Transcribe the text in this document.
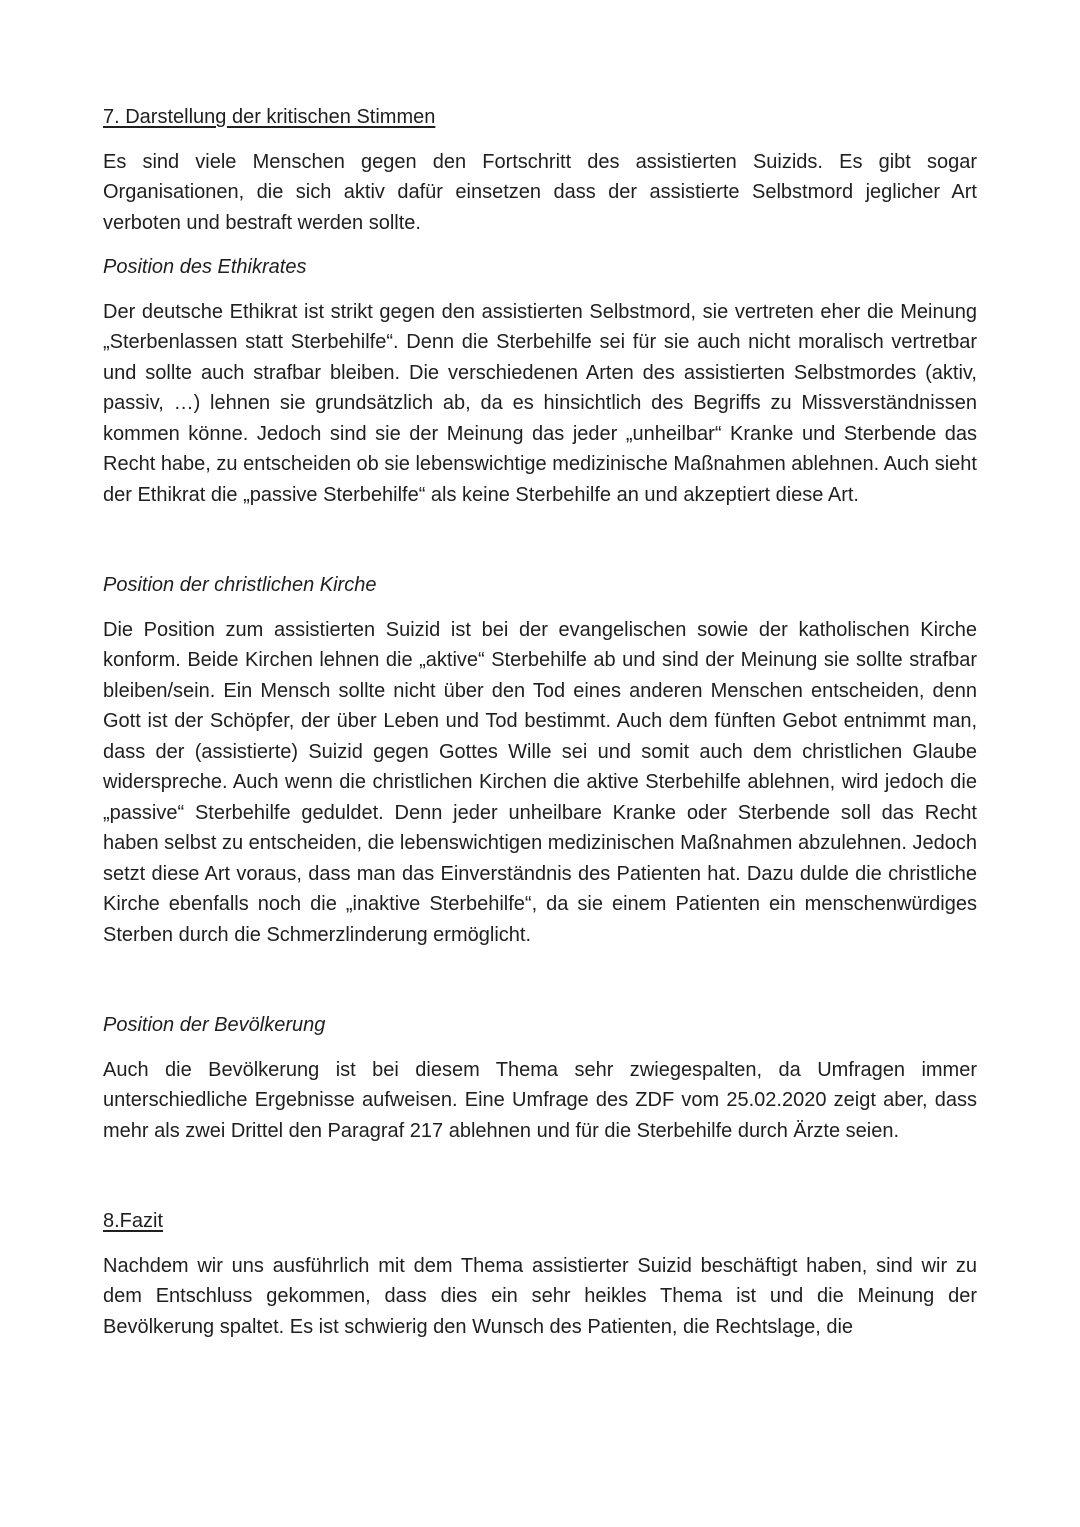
7. Darstellung der kritischen Stimmen

Es sind viele Menschen gegen den Fortschritt des assistierten Suizids. Es gibt sogar Organisationen, die sich aktiv dafür einsetzen dass der assistierte Selbstmord jeglicher Art verboten und bestraft werden sollte.

Position des Ethikrates

Der deutsche Ethikrat ist strikt gegen den assistierten Selbstmord, sie vertreten eher die Meinung „Sterbenlassen statt Sterbehilfe“. Denn die Sterbehilfe sei für sie auch nicht moralisch vertretbar und sollte auch strafbar bleiben. Die verschiedenen Arten des assistierten Selbstmordes (aktiv, passiv, …) lehnen sie grundsätzlich ab, da es hinsichtlich des Begriffs zu Missverständnissen kommen könne. Jedoch sind sie der Meinung das jeder „unheilbar“ Kranke und Sterbende das Recht habe, zu entscheiden ob sie lebenswichtige medizinische Maßnahmen ablehnen. Auch sieht der Ethikrat die „passive Sterbehilfe“ als keine Sterbehilfe an und akzeptiert diese Art.

Position der christlichen Kirche

Die Position zum assistierten Suizid ist bei der evangelischen sowie der katholischen Kirche konform. Beide Kirchen lehnen die „aktive“ Sterbehilfe ab und sind der Meinung sie sollte strafbar bleiben/sein. Ein Mensch sollte nicht über den Tod eines anderen Menschen entscheiden, denn Gott ist der Schöpfer, der über Leben und Tod bestimmt. Auch dem fünften Gebot entnimmt man, dass der (assistierte) Suizid gegen Gottes Wille sei und somit auch dem christlichen Glaube widerspreche. Auch wenn die christlichen Kirchen die aktive Sterbehilfe ablehnen, wird jedoch die „passive“ Sterbehilfe geduldet. Denn jeder unheilbare Kranke oder Sterbende soll das Recht haben selbst zu entscheiden, die lebenswichtigen medizinischen Maßnahmen abzulehnen. Jedoch setzt diese Art voraus, dass man das Einverständnis des Patienten hat. Dazu dulde die christliche Kirche ebenfalls noch die „inaktive Sterbehilfe“, da sie einem Patienten ein menschenwürdiges Sterben durch die Schmerzlinderung ermöglicht.

Position der Bevölkerung

Auch die Bevölkerung ist bei diesem Thema sehr zwiegespalten, da Umfragen immer unterschiedliche Ergebnisse aufweisen. Eine Umfrage des ZDF vom 25.02.2020 zeigt aber, dass mehr als zwei Drittel den Paragraf 217 ablehnen und für die Sterbehilfe durch Ärzte seien.

8.Fazit

Nachdem wir uns ausführlich mit dem Thema assistierter Suizid beschäftigt haben, sind wir zu dem Entschluss gekommen, dass dies ein sehr heikles Thema ist und die Meinung der Bevölkerung spaltet. Es ist schwierig den Wunsch des Patienten, die Rechtslage, die
